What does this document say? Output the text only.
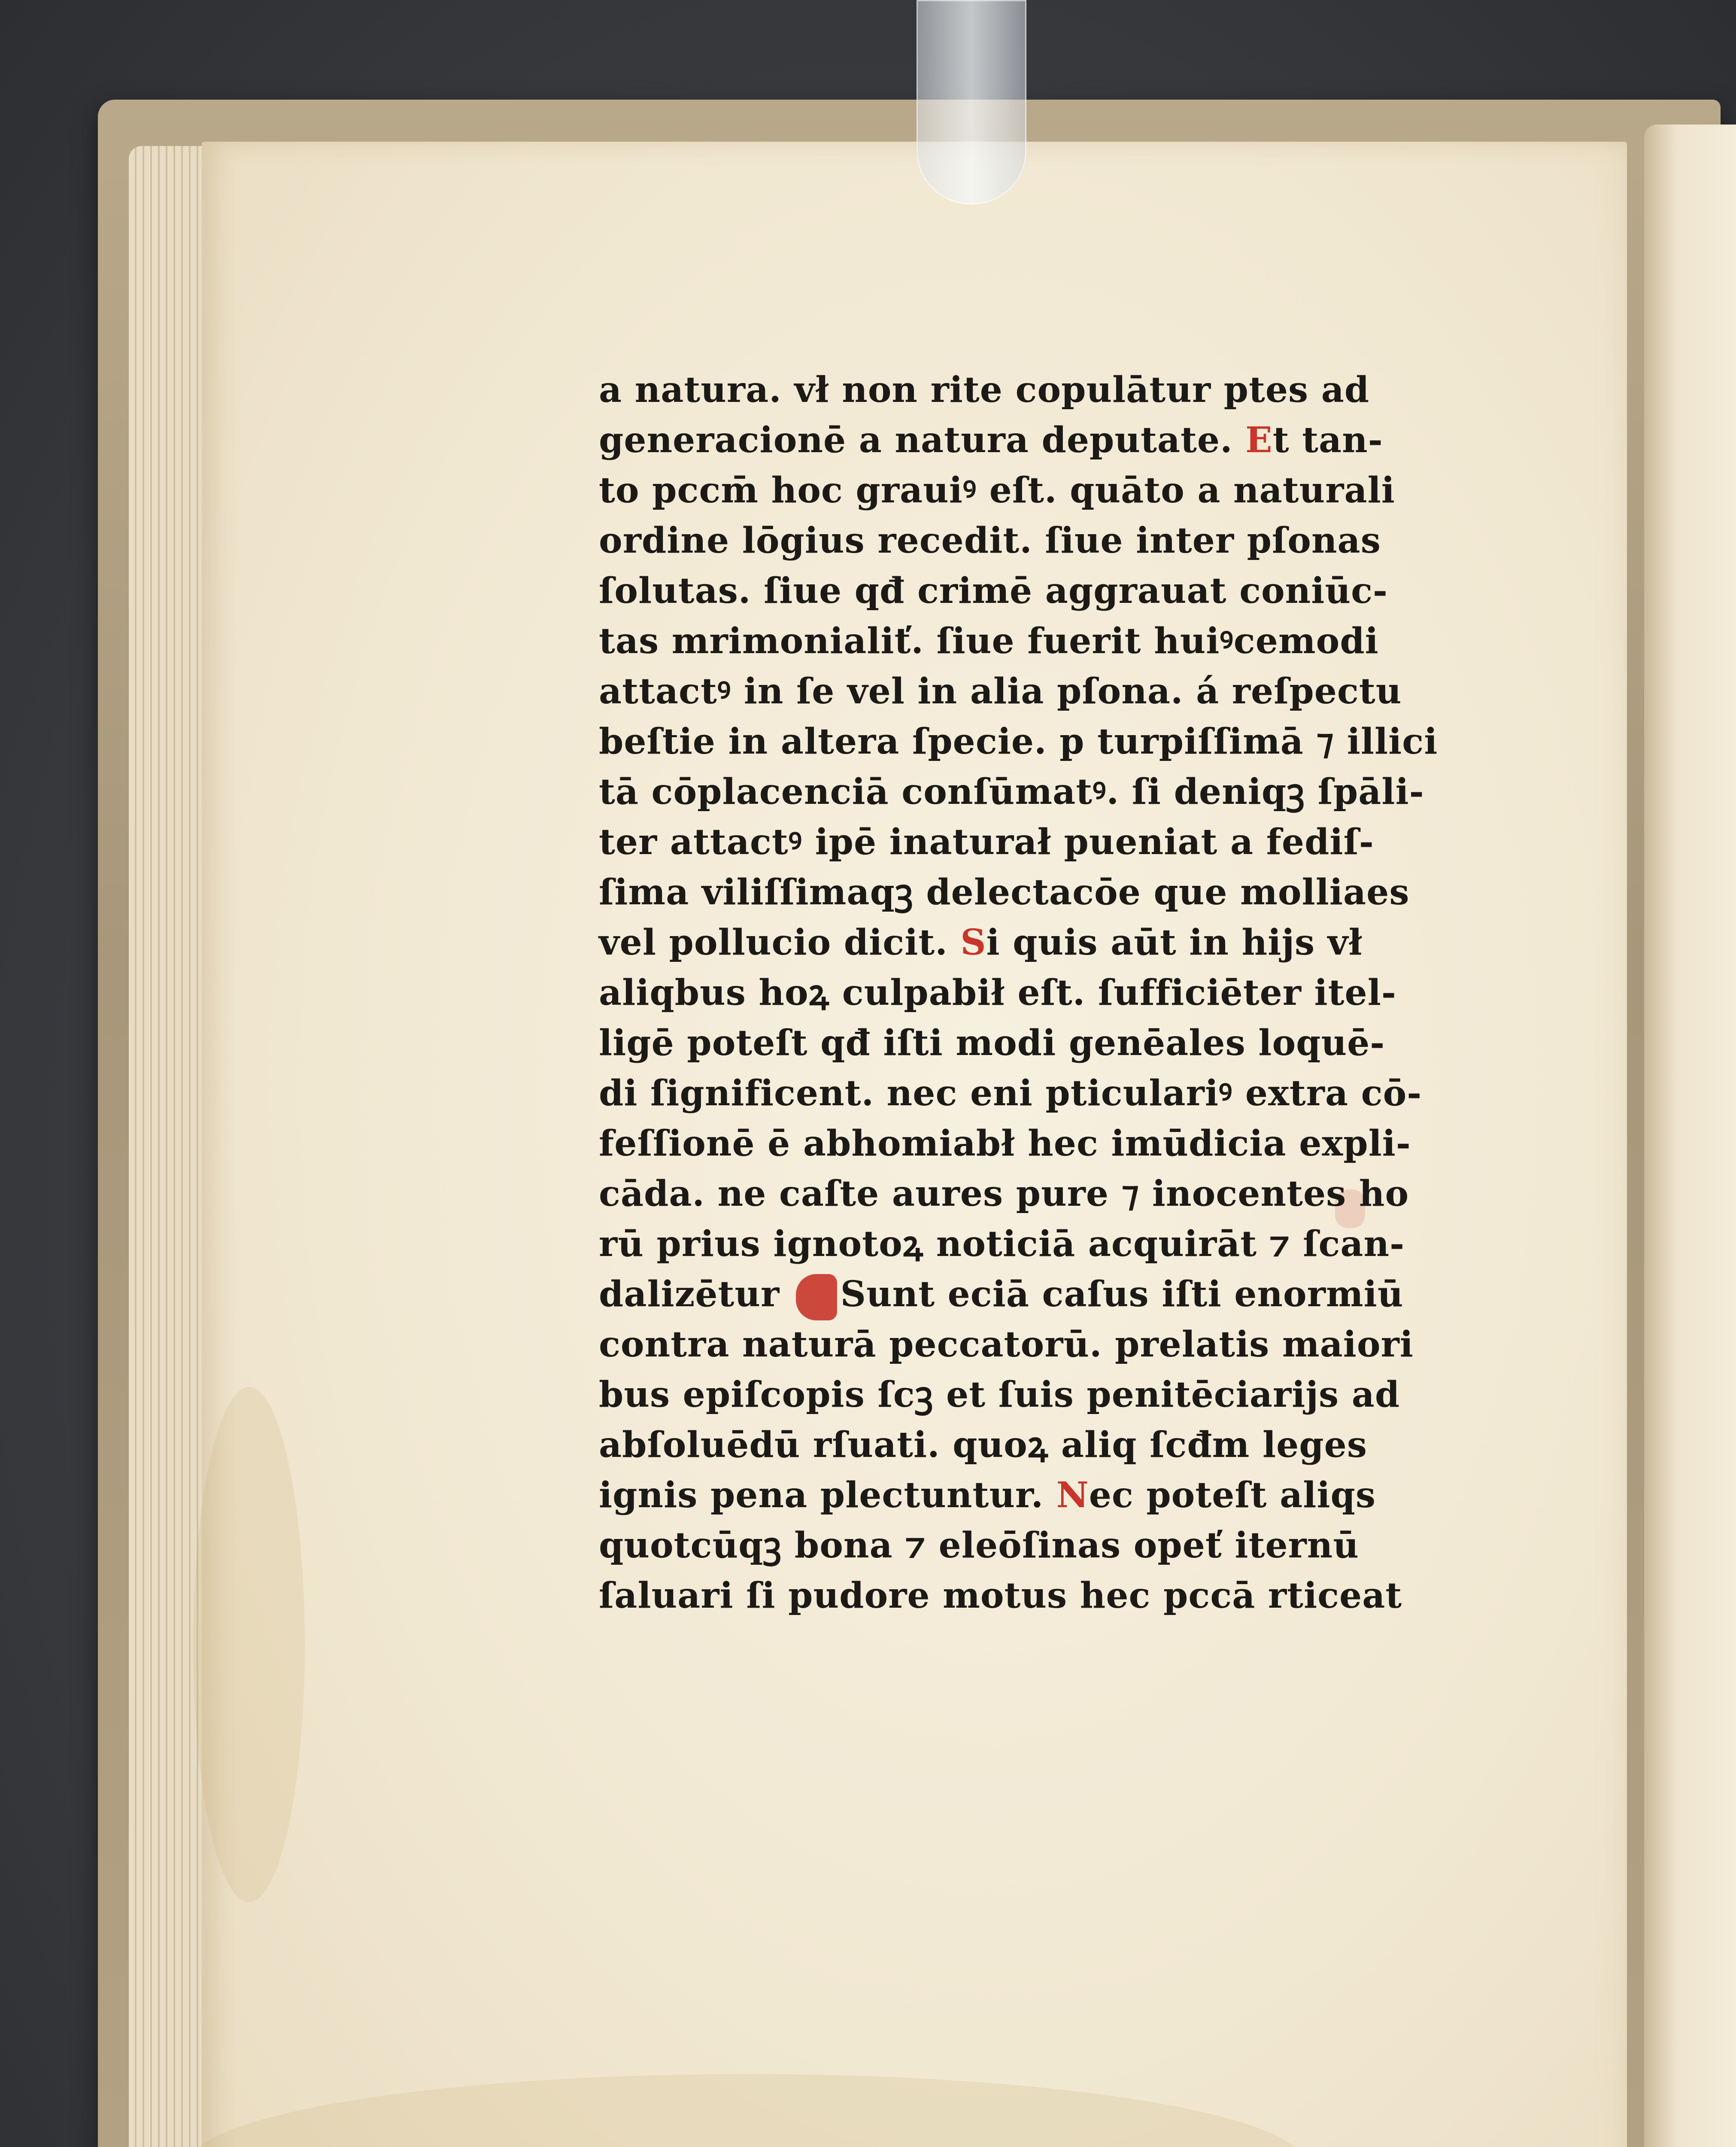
a natura. vł non rite copulātur ptes ad
generacionē a natura deputate. Et tan-
to pccm̄ hoc grauiꝰ eſt. quāto a naturali
ordine lōgius recedit. ſiue inter pſonas
ſolutas. ſiue qđ crimē aggrauat coniūc-
tas mrimonialiť. ſiue fuerit huiꝰcemodi
attactꝰ in ſe vel in alia pſona. á reſpectu
beſtie in altera ſpecie. p turpiſſimā ⁊ illici
tā cōplacenciā conſūmatꝰ. ſi deniqꝫ ſpāli-
ter attactꝰ ipē inaturał pueniat a fediſ-
ſima viliſſimaqꝫ delectacōe que molliaes
vel pollucio dicit. Si quis aūt in hijs vł
aliqbus hoꝝ culpabił eſt. ſufficiēter itel-
ligē poteſt qđ iſti modi genēales loquē-
di ſignificent. nec eni pticulariꝰ extra cō-
feſſionē ē abhomiabł hec imūdicia expli-
cāda. ne caſte aures pure ⁊ inocentes ho
rū prius ignotoꝝ noticiā acquirāt ⁊ ſcan-
dalizētur Sunt eciā caſus iſti enormiū
contra naturā peccatorū. prelatis maiori
bus epiſcopis ſcꝫ et ſuis penitēciarijs ad
abſoluēdū rſuati. quoꝝ aliq ſcđm leges
ignis pena plectuntur. Nec poteſt aliqs
quotcūqꝫ bona ⁊ eleōſinas opeť iternū
ſaluari ſi pudore motus hec pccā rticeat
